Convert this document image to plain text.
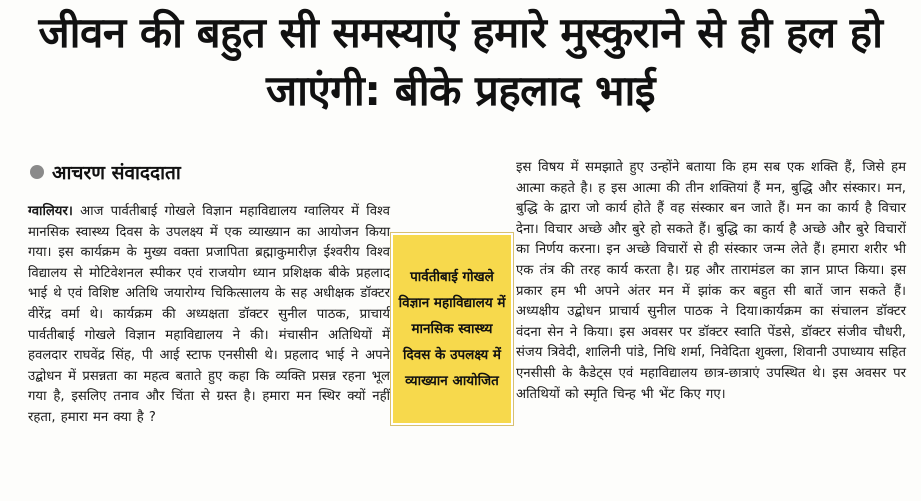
जीवन की बहुत सी समस्याएं हमारे मुस्कुराने से ही हल हो जाएंगी: बीके प्रहलाद भाई
आचरण संवाददाता

ग्वालियर। आज पार्वतीबाई गोखले विज्ञान महाविद्यालय ग्वालियर में विश्व मानसिक स्वास्थ्य दिवस के उपलक्ष्य में एक व्याख्यान का आयोजन किया गया। इस कार्यक्रम के मुख्य वक्ता प्रजापिता ब्रह्माकुमारीज़ ईश्वरीय विश्व विद्यालय से मोटिवेशनल स्पीकर एवं राजयोग ध्यान प्रशिक्षक बीके प्रहलाद भाई थे एवं विशिष्ट अतिथि जयारोग्य चिकित्सालय के सह अधीक्षक डॉक्टर वीरेंद्र वर्मा थे। कार्यक्रम की अध्यक्षता डॉक्टर सुनील पाठक, प्राचार्य पार्वतीबाई गोखले विज्ञान महाविद्यालय ने की। मंचासीन अतिथियों में हवलदार राघवेंद्र सिंह, पी आई स्टाफ एनसीसी थे। प्रहलाद भाई ने अपने उद्बोधन में प्रसन्नता का महत्व बताते हुए कहा कि व्यक्ति प्रसन्न रहना भूल गया है, इसलिए तनाव और चिंता से ग्रस्त है। हमारा मन स्थिर क्यों नहीं रहता, हमारा मन क्या है ?

इस विषय में समझाते हुए उन्होंने बताया कि हम सब एक शक्ति हैं, जिसे हम आत्मा कहते है। ह इस आत्मा की तीन शक्तियां हैं मन, बुद्धि और संस्कार। मन, बुद्धि के द्वारा जो कार्य होते हैं वह संस्कार बन जाते हैं। मन का कार्य है विचार देना। विचार अच्छे और बुरे हो सकते हैं। बुद्धि का कार्य है अच्छे और बुरे विचारों का निर्णय करना। इन अच्छे विचारों से ही संस्कार जन्म लेते हैं। हमारा शरीर भी एक तंत्र की तरह कार्य करता है। ग्रह और तारामंडल का ज्ञान प्राप्त किया। इस प्रकार हम भी अपने अंतर मन में झांक कर बहुत सी बातें जान सकते हैं। अध्यक्षीय उद्बोधन प्राचार्य सुनील पाठक ने दिया।कार्यक्रम का संचालन डॉक्टर वंदना सेन ने किया। इस अवसर पर डॉक्टर स्वाति पेंडसे, डॉक्टर संजीव चौधरी, संजय त्रिवेदी, शालिनी पांडे, निधि शर्मा, निवेदिता शुक्ला, शिवानी उपाध्याय सहित एनसीसी के कैडेट्स एवं महाविद्यालय छात्र-छात्राएं उपस्थित थे। इस अवसर पर अतिथियों को स्मृति चिन्ह भी भेंट किए गए।

पार्वतीबाई गोखले विज्ञान महाविद्यालय में मानसिक स्वास्थ्य दिवस के उपलक्ष्य में व्याख्यान आयोजित
